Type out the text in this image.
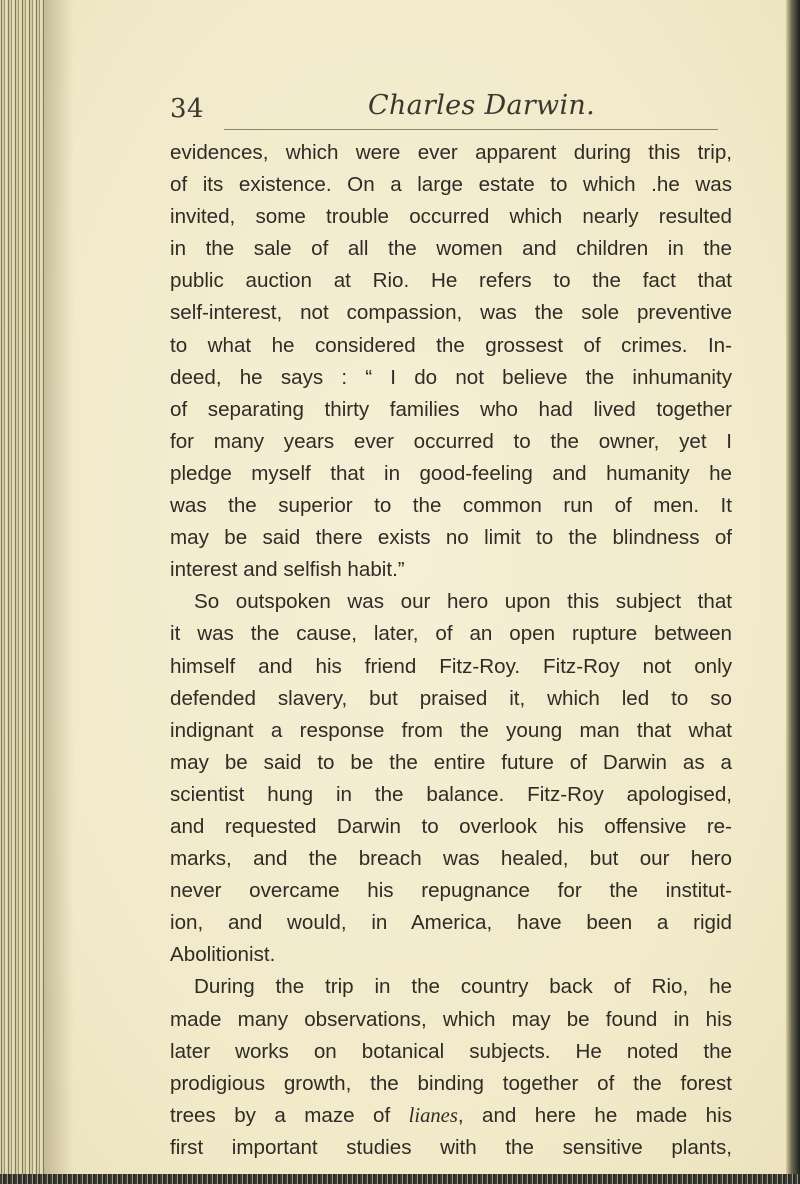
34	Charles Darwin.
evidences, which were ever apparent during this trip,
of its existence. On a large estate to which .he was
invited, some trouble occurred which nearly resulted
in the sale of all the women and children in the
public auction at Rio. He refers to the fact that
self-interest, not compassion, was the sole preventive
to what he considered the grossest of crimes. In-
deed, he says : “ I do not believe the inhumanity
of separating thirty families who had lived together
for many years ever occurred to the owner, yet I
pledge myself that in good-feeling and humanity he
was the superior to the common run of men. It
may be said there exists no limit to the blindness of
interest and selfish habit.”
So outspoken was our hero upon this subject that
it was the cause, later, of an open rupture between
himself and his friend Fitz-Roy. Fitz-Roy not only
defended slavery, but praised it, which led to so
indignant a response from the young man that what
may be said to be the entire future of Darwin as a
scientist hung in the balance. Fitz-Roy apologised,
and requested Darwin to overlook his offensive re-
marks, and the breach was healed, but our hero
never overcame his repugnance for the institut-
ion, and would, in America, have been a rigid
Abolitionist.
During the trip in the country back of Rio, he
made many observations, which may be found in his
later works on botanical subjects. He noted the
prodigious growth, the binding together of the forest
trees by a maze of lianes, and here he made his
first important studies with the sensitive plants,
